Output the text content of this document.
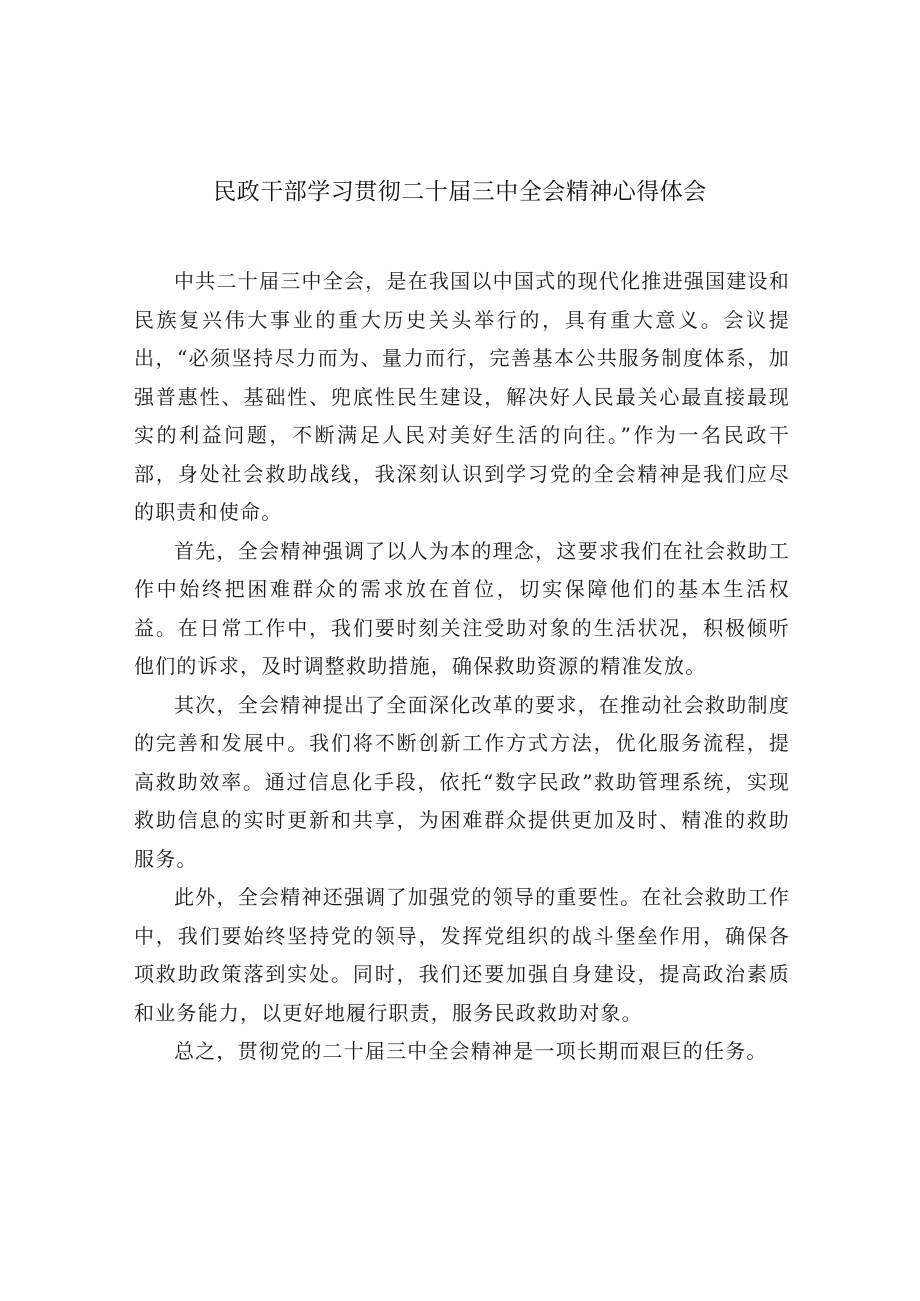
民政干部学习贯彻二十届三中全会精神心得体会

中共二十届三中全会，是在我国以中国式的现代化推进强国建设和民族复兴伟大事业的重大历史关头举行的，具有重大意义。会议提出，“必须坚持尽力而为、量力而行，完善基本公共服务制度体系，加强普惠性、基础性、兜底性民生建设，解决好人民最关心最直接最现实的利益问题，不断满足人民对美好生活的向往。”作为一名民政干部，身处社会救助战线，我深刻认识到学习党的全会精神是我们应尽的职责和使命。

首先，全会精神强调了以人为本的理念，这要求我们在社会救助工作中始终把困难群众的需求放在首位，切实保障他们的基本生活权益。在日常工作中，我们要时刻关注受助对象的生活状况，积极倾听他们的诉求，及时调整救助措施，确保救助资源的精准发放。

其次，全会精神提出了全面深化改革的要求，在推动社会救助制度的完善和发展中。我们将不断创新工作方式方法，优化服务流程，提高救助效率。通过信息化手段，依托“数字民政”救助管理系统，实现救助信息的实时更新和共享，为困难群众提供更加及时、精准的救助服务。

此外，全会精神还强调了加强党的领导的重要性。在社会救助工作中，我们要始终坚持党的领导，发挥党组织的战斗堡垒作用，确保各项救助政策落到实处。同时，我们还要加强自身建设，提高政治素质和业务能力，以更好地履行职责，服务民政救助对象。

总之，贯彻党的二十届三中全会精神是一项长期而艰巨的任务。
